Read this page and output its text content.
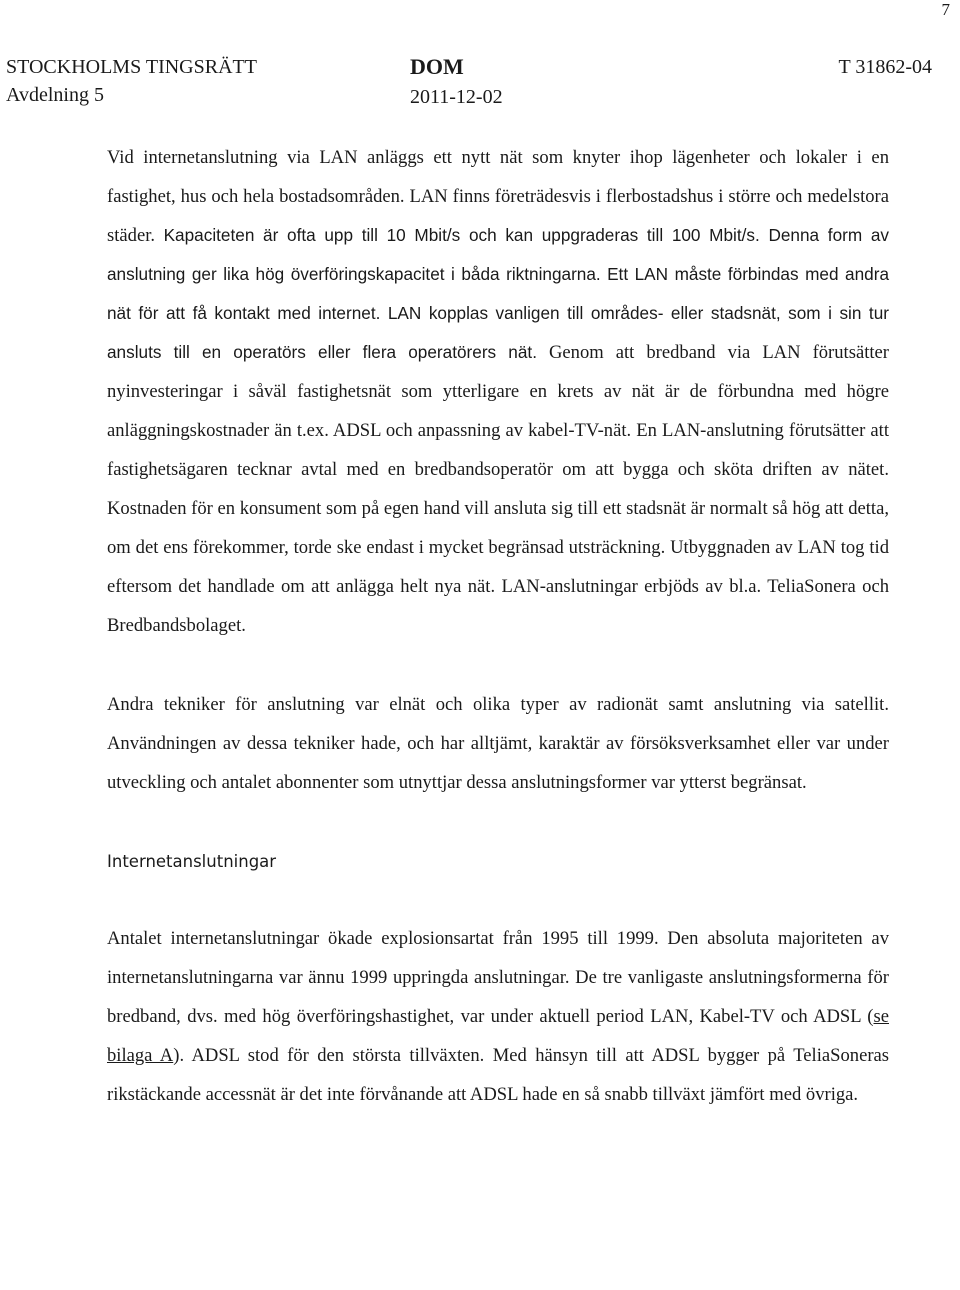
7
STOCKHOLMS TINGSRÄTT
Avdelning 5
DOM
2011-12-02
T 31862-04

Vid internetanslutning via LAN anläggs ett nytt nät som knyter ihop lägenheter och lokaler i en fastighet, hus och hela bostadsområden. LAN finns företrädesvis i flerbostadshus i större och medelstora städer. Kapaciteten är ofta upp till 10 Mbit/s och kan uppgraderas till 100 Mbit/s. Denna form av anslutning ger lika hög överföringskapacitet i båda riktningarna. Ett LAN måste förbindas med andra nät för att få kontakt med internet. LAN kopplas vanligen till områdes- eller stadsnät, som i sin tur ansluts till en operatörs eller flera operatörers nät. Genom att bredband via LAN förutsätter nyinvesteringar i såväl fastighetsnät som ytterligare en krets av nät är de förbundna med högre anläggningskostnader än t.ex. ADSL och anpassning av kabel-TV-nät. En LAN-anslutning förutsätter att fastighetsägaren tecknar avtal med en bredbandsoperatör om att bygga och sköta driften av nätet. Kostnaden för en konsument som på egen hand vill ansluta sig till ett stadsnät är normalt så hög att detta, om det ens förekommer, torde ske endast i mycket begränsad utsträckning. Utbyggnaden av LAN tog tid eftersom det handlade om att anlägga helt nya nät. LAN-anslutningar erbjöds av bl.a. TeliaSonera och Bredbandsbolaget.

Andra tekniker för anslutning var elnät och olika typer av radionät samt anslutning via satellit. Användningen av dessa tekniker hade, och har alltjämt, karaktär av försöksverksamhet eller var under utveckling och antalet abonnenter som utnyttjar dessa anslutningsformer var ytterst begränsat.

Internetanslutningar

Antalet internetanslutningar ökade explosionsartat från 1995 till 1999. Den absoluta majoriteten av internetanslutningarna var ännu 1999 uppringda anslutningar. De tre vanligaste anslutningsformerna för bredband, dvs. med hög överföringshastighet, var under aktuell period LAN, Kabel-TV och ADSL (se bilaga A). ADSL stod för den största tillväxten. Med hänsyn till att ADSL bygger på TeliaSoneras rikstäckande accessnät är det inte förvånande att ADSL hade en så snabb tillväxt jämfört med övriga.
